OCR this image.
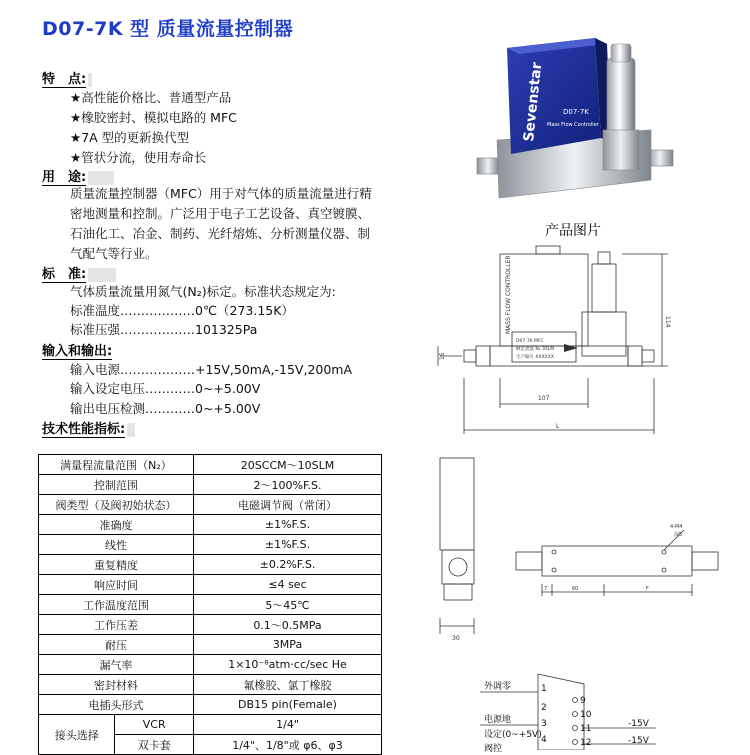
D07-7K 型 质量流量控制器
特　点:
★高性能价格比、普通型产品
★橡胶密封、模拟电路的 MFC
★7A 型的更新换代型
★管状分流，使用寿命长
用　途:
质量流量控制器（MFC）用于对气体的质量流量进行精
密地测量和控制。广泛用于电子工艺设备、真空镀膜、
石油化工、冶金、制药、光纤熔炼、分析测量仪器、制
气配气等行业。
标　准:
气体质量流量用氮气(N₂)标定。标准状态规定为:
标准温度………………0℃（273.15K）
标准压强………………101325Pa
输入和输出:
输入电源………………+15V,50mA,-15V,200mA
输入设定电压…………0~+5.00V
输出电压检测…………0~+5.00V
技术性能指标:
满量程流量范围（N₂）		20SCCM～10SLM
控制范围		2～100%F.S.
阀类型（及阀初始状态）		电磁调节阀（常闭）
准确度		±1%F.S.
线性		±1%F.S.
重复精度		±0.2%F.S.
响应时间		≤4 sec
工作温度范围		5～45℃
工作压差		0.1～0.5MPa
耐压		3MPa
漏气率		1×10⁻⁸atm·cc/sec He
密封材料		氟橡胶、氯丁橡胶
电插头形式		DB15 pin(Female)
接头选择	VCR	1/4"
	双卡套	1/4"、1/8"或 φ6、φ3
Sevenstar	D07-7K
Mass Flow Controller
产品图片
MASS FLOW CONTROLLER
D07-7K MFC
额定流量 N₂ 3SLM
生产编号 XXXXXX
107
L
114
15
30
4-M4
深5
7	60	F
外调零
电源地
设定(0~+5V)
阀控
1
2
3
4
9
10
11
12
-15V
-15V
